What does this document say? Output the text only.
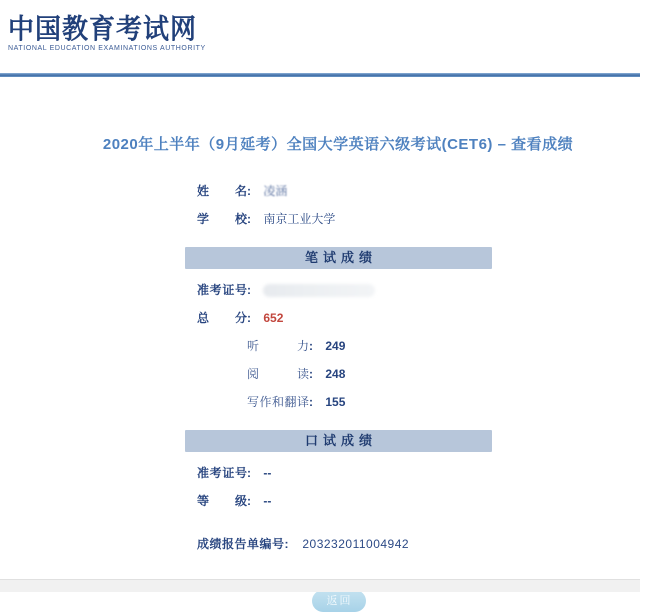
中国教育考试网
NATIONAL EDUCATION EXAMINATIONS AUTHORITY
2020年上半年（9月延考）全国大学英语六级考试(CET6) – 查看成绩
姓名: 凌涵
学校: 南京工业大学
笔试成绩
准考证号:
总分: 652
听力: 249
阅读: 248
写作和翻译: 155
口试成绩
准考证号: --
等级: --
成绩报告单编号: 203232011004942
返回
